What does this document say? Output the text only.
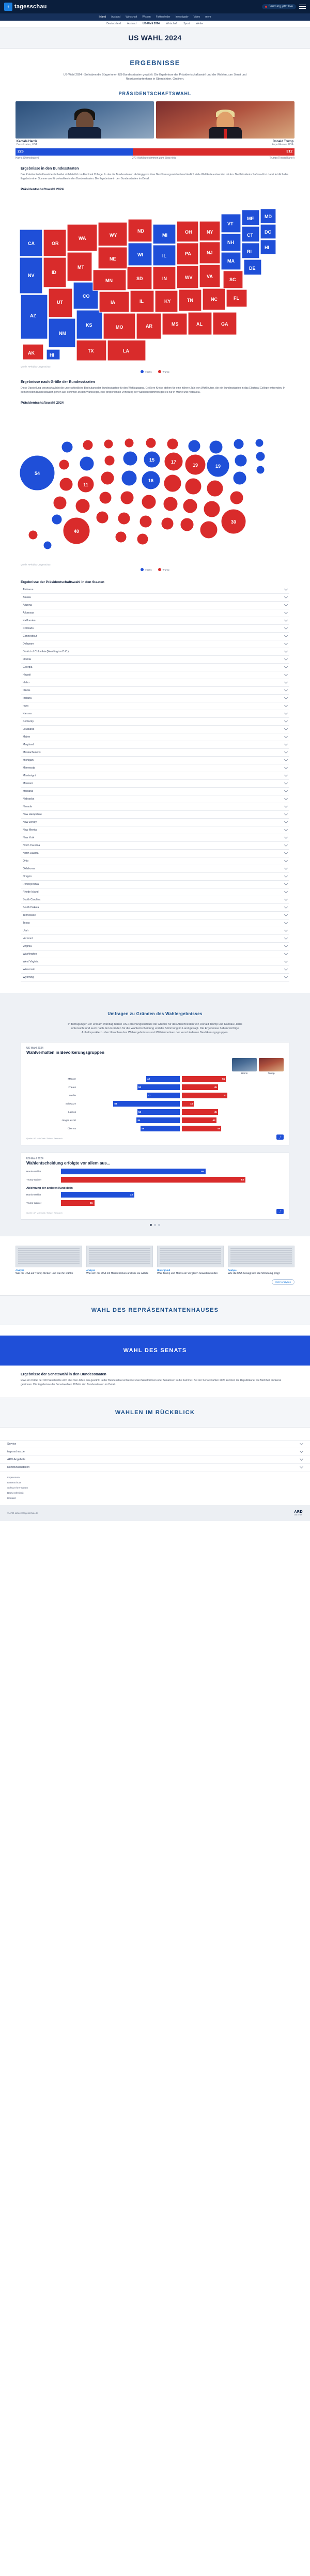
t tagesschau	Sendung jetzt live
Inland Ausland Wirtschaft Wissen Faktenfinder Investigativ Video mehr
Deutschland Ausland US-Wahl 2024 Wirtschaft Sport Wetter
US WAHL 2024
ERGEBNISSE
US-Wahl 2024 - So haben die Bürgerinnen US-Bundesstaaten gewählt: Die Ergebnisse der Präsidentschaftswahl und der Wahlen zum Senat und Repräsentantenhaus in Übersichten, Grafiken.
PRÄSIDENTSCHAFTSWAHL
Kamala Harris
Demokraten, USA
Donald Trump
Republikaner, USA
226	312
Harris (Demokraten)	270 Wahlleutestimmen zum Sieg nötig	Trump (Republikaner)
Ergebnisse in den Bundesstaaten

Das Präsidentschaftswahl entscheidet sich letztlich im Electoral College. In das die Bundesstaaten abhängig von ihrer Bevölkerungszahl unterschiedlich viele Wahlleute entsenden dürfen. Die Präsidentschaftswahl ist damit letztlich das Ergebnis einer Summe von Einzelwahlen in den Bundesstaaten. Die Ergebnisse in den Bundesstaaten im Detail.

Präsidentschaftswahl 2024
CA
NV
AZ
OR
ID
UT
NM
WA
MT
CO
KS
TX
WY
NE
MN
IA
MO
LA
ND
WI
SD
IL
AR
MI
IL
IN
KY
MS
OH
PA
WV
TN
AL
NY
NJ
VA
NC
GA
VT
NH
MA
SC
FL
ME
CT
RI
DE
MD
DC
HI
AK	HI
Quelle: AP/Edison, tagesschau
Harris	Trump
Ergebnisse nach Größe der Bundesstaaten

Diese Darstellung veranschaulicht die unterschiedliche Bedeutung der Bundesstaaten für den Wahlausgang. Größere Kreise stehen für eine höhere Zahl von Wahlleuten, die ein Bundesstaaten in das Electoral College entsenden. In dem meisten Bundesstaaten gehen alle Stimmen an den Wahlsieger, eine proportionale Verteilung der Wahlleutestimmen gibt es nur in Maine und Nebraska.

Präsidentschaftswahl 2024
54
40
19
30
19
17
16
15
11
Quelle: AP/Edison, tagesschau
Harris	Trump
Ergebnisse der Präsidentschaftswahl in den Staaten
Alabama
Alaska
Arizona
Arkansas
Kalifornien
Colorado
Connecticut
Delaware
District of Columbia (Washington D.C.)
Florida
Georgia
Hawaii
Idaho
Illinois
Indiana
Iowa
Kansas
Kentucky
Louisiana
Maine
Maryland
Massachusetts
Michigan
Minnesota
Mississippi
Missouri
Montana
Nebraska
Nevada
New Hampshire
New Jersey
New Mexico
New York
North Carolina
North Dakota
Ohio
Oklahoma
Oregon
Pennsylvania
Rhode Island
South Carolina
South Dakota
Tennessee
Texas
Utah
Vermont
Virginia
Washington
West Virginia
Wisconsin
Wyoming
Umfragen zu Gründen des Wahlergebnisses
In Befragungen vor und am Wahltag haben US-Forschungsinstitute die Gründe für das Abschneiden von Donald Trump und Kamala Harris untersucht und auch nach den Gründen für die Wahlentscheidung und die Stimmung im Land gefragt. Die Ergebnisse haben wichtige Anhaltspunkte zu den Ursachen des Wahlergebnisses und Wählermotiven der verschiedenen Bevölkerungsgruppen.
US-Wahl 2024
Wahlverhalten in Bevölkerungsgruppen
Harris	Trump
Männer	42	55
Frauen	53	45
Weiße	41	57
Schwarze	83	15
Latinos	53	45
Jünger als 30	54	43
Über 65	49	49
Quelle: AP VoteCast / Edison Research	⤴
US-Wahl 2024
Wahlentscheidung erfolgte vor allem aus...
Harris-Wähler	65
Trump-Wähler	83
Ablehnung der anderen Kandidatin
Harris-Wähler	33
Trump-Wähler	15
Quelle: AP VoteCast / Edison Research	⤴
Analyse
Wie die USA auf Trump blicken und wie ihn wählte
Analyse
Wie sich die USA mit Harris blicken und wie sie wählte
Hintergrund
Was Trump und Harris ein Vergleich bewerten wollen
Analyse
Wie die USA bewegt und die Stimmung prägt
mehr Analysen
WAHL DES REPRÄSENTANTENHAUSES
WAHL DES SENATS
Ergebnisse der Senatswahl in den Bundesstaaten

Etwa ein Drittel der 100 Senatssitze wird alle zwei Jahre neu gewählt. Jeder Bundesstaat entsendet zwei Senatorinnen oder Senatoren in die Kammer. Bei der Senatswahlen 2024 konnten die Republikaner die Mehrheit im Senat gewinnen. Die Ergebnisse der Senatswahlen 2024 in den Bundesstaaten im Detail.

WAHLEN IM RÜCKBLICK
Service
tagesschau.de
ARD-Angebote
Rundfunkanstalten
Impressum
Datenschutz
Schutz Ihrer Daten
Barrierefreiheit
Kontakt
© ARD-aktuell / tagesschau.de	ARD
Das Erste
